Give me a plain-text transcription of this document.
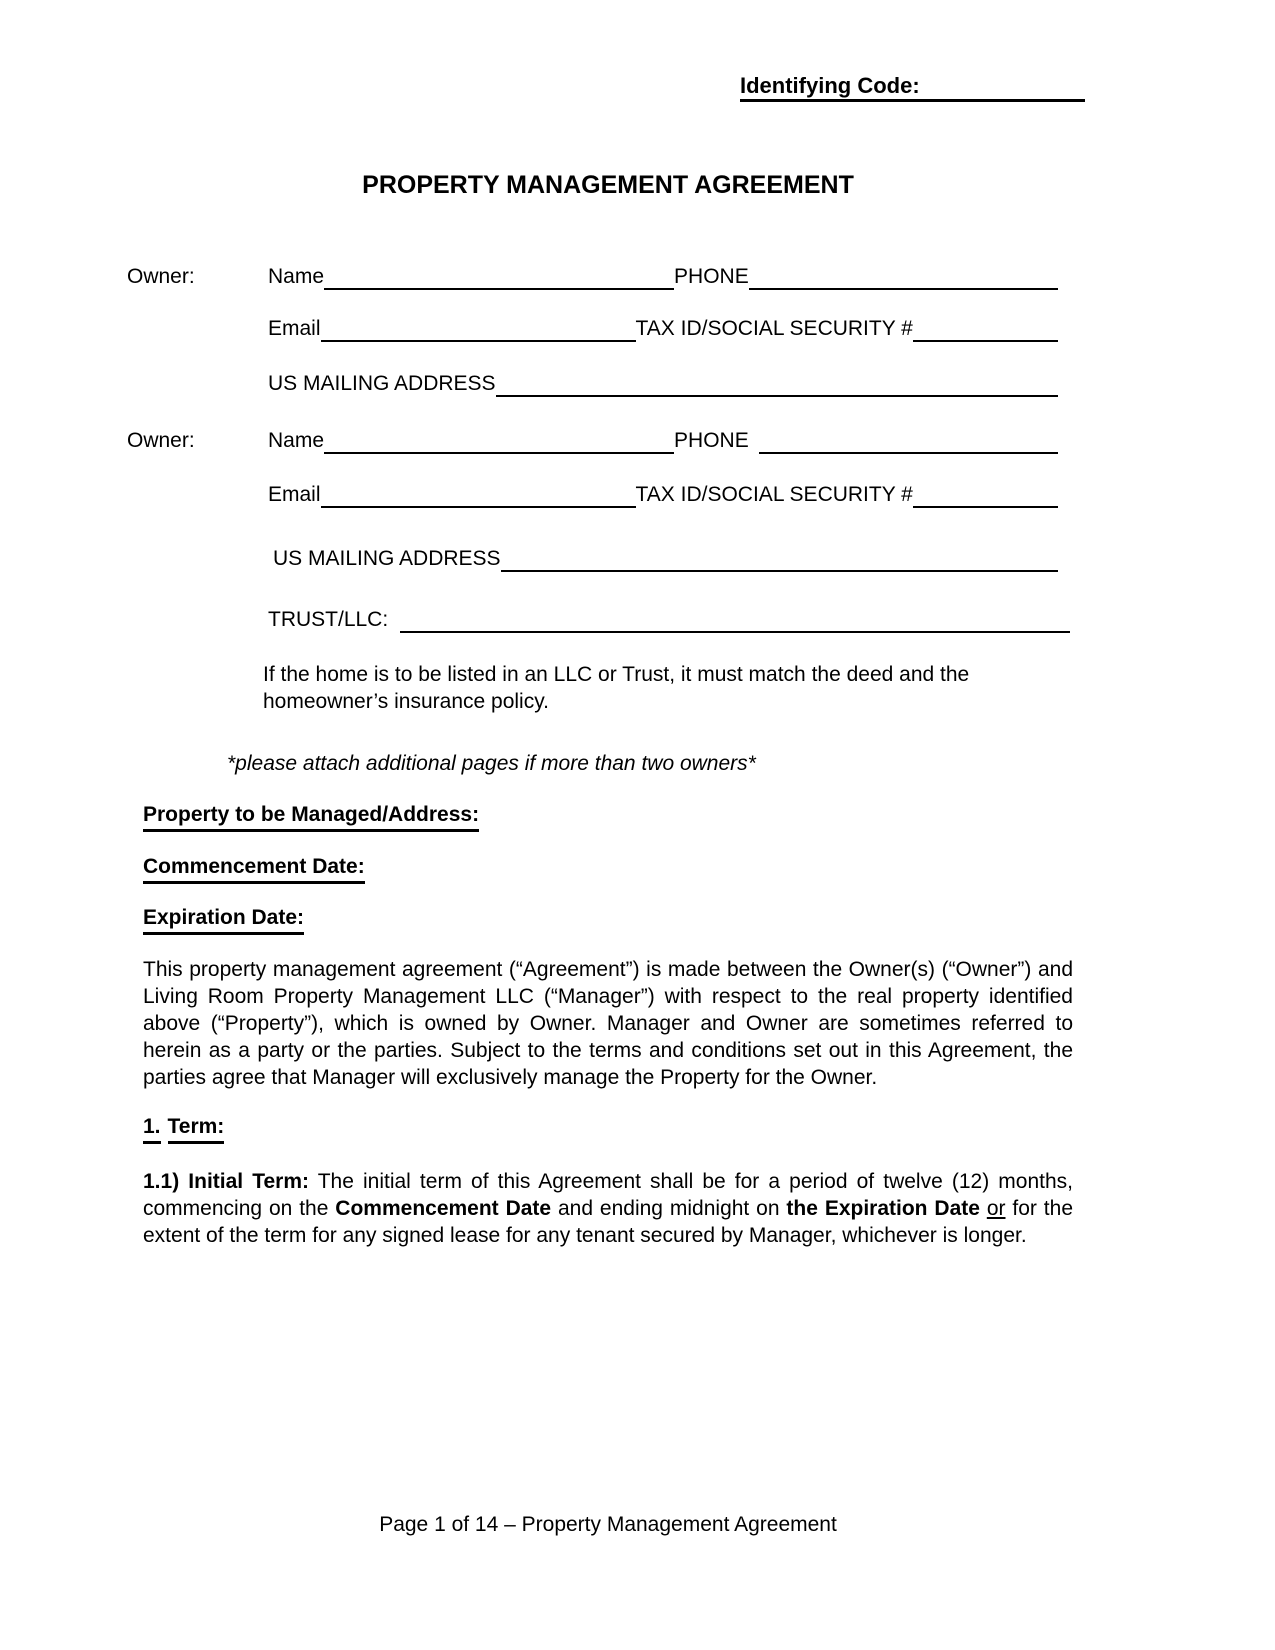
Identifying Code:
PROPERTY MANAGEMENT AGREEMENT
Owner:	Name	PHONE
Email	TAX ID/SOCIAL SECURITY #
US MAILING ADDRESS
Owner:	Name	PHONE
Email	TAX ID/SOCIAL SECURITY #
US MAILING ADDRESS
TRUST/LLC:
If the home is to be listed in an LLC or Trust, it must match the deed and the homeowner’s insurance policy.
*please attach additional pages if more than two owners*
Property to be Managed/Address:
Commencement Date:
Expiration Date:

This property management agreement (“Agreement”) is made between the Owner(s) (“Owner”) and Living Room Property Management LLC (“Manager”) with respect to the real property identified above (“Property”), which is owned by Owner. Manager and Owner are sometimes referred to herein as a party or the parties. Subject to the terms and conditions set out in this Agreement, the parties agree that Manager will exclusively manage the Property for the Owner.

1. Term:

1.1) Initial Term: The initial term of this Agreement shall be for a period of twelve (12) months, commencing on the Commencement Date and ending midnight on the Expiration Date or for the extent of the term for any signed lease for any tenant secured by Manager, whichever is longer.

Page 1 of 14 – Property Management Agreement
